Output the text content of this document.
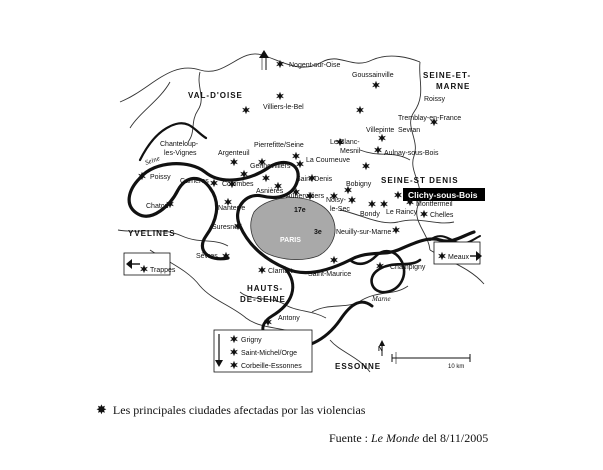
PARIS
17e
3e
VAL-D'OISE
SEINE-ET-
MARNE
SEINE-ST DENIS
YVELINES
HAUTS-
DE-SEINE
ESSONNE
Seine
Marne
Clichy-sous-Bois
Nogent-sur-Oise
Goussainville
Roissy
Villiers-le-Bel
Tremblay-en-France
Villepinte Sevran
Le Blanc-
Mesnil	Aulnay-sous-Bois
Chanteloup-
les-Vignes	Argenteuil
Pierrefitte/Seine
Gennevilliers
La Courneuve
Poissy
Carrières Colombes
Asnières
Saint-Denis
Bobigny
Chatou	Nanterre
Aubervilliers
Noisy-
le-Sec
Bondy Le Raincy
Montfermeil
Chelles
Suresnes
Neuilly-sur-Marne
Sèvres
Clamart Saint-Maurice
Champigny
Antony
Trappes
Meaux
Grigny
Saint-Michel/Orge
Corbeille-Essonnes
N
10 km
✸ Les principales ciudades afectadas por las violencias
Fuente : Le Monde del 8/11/2005
